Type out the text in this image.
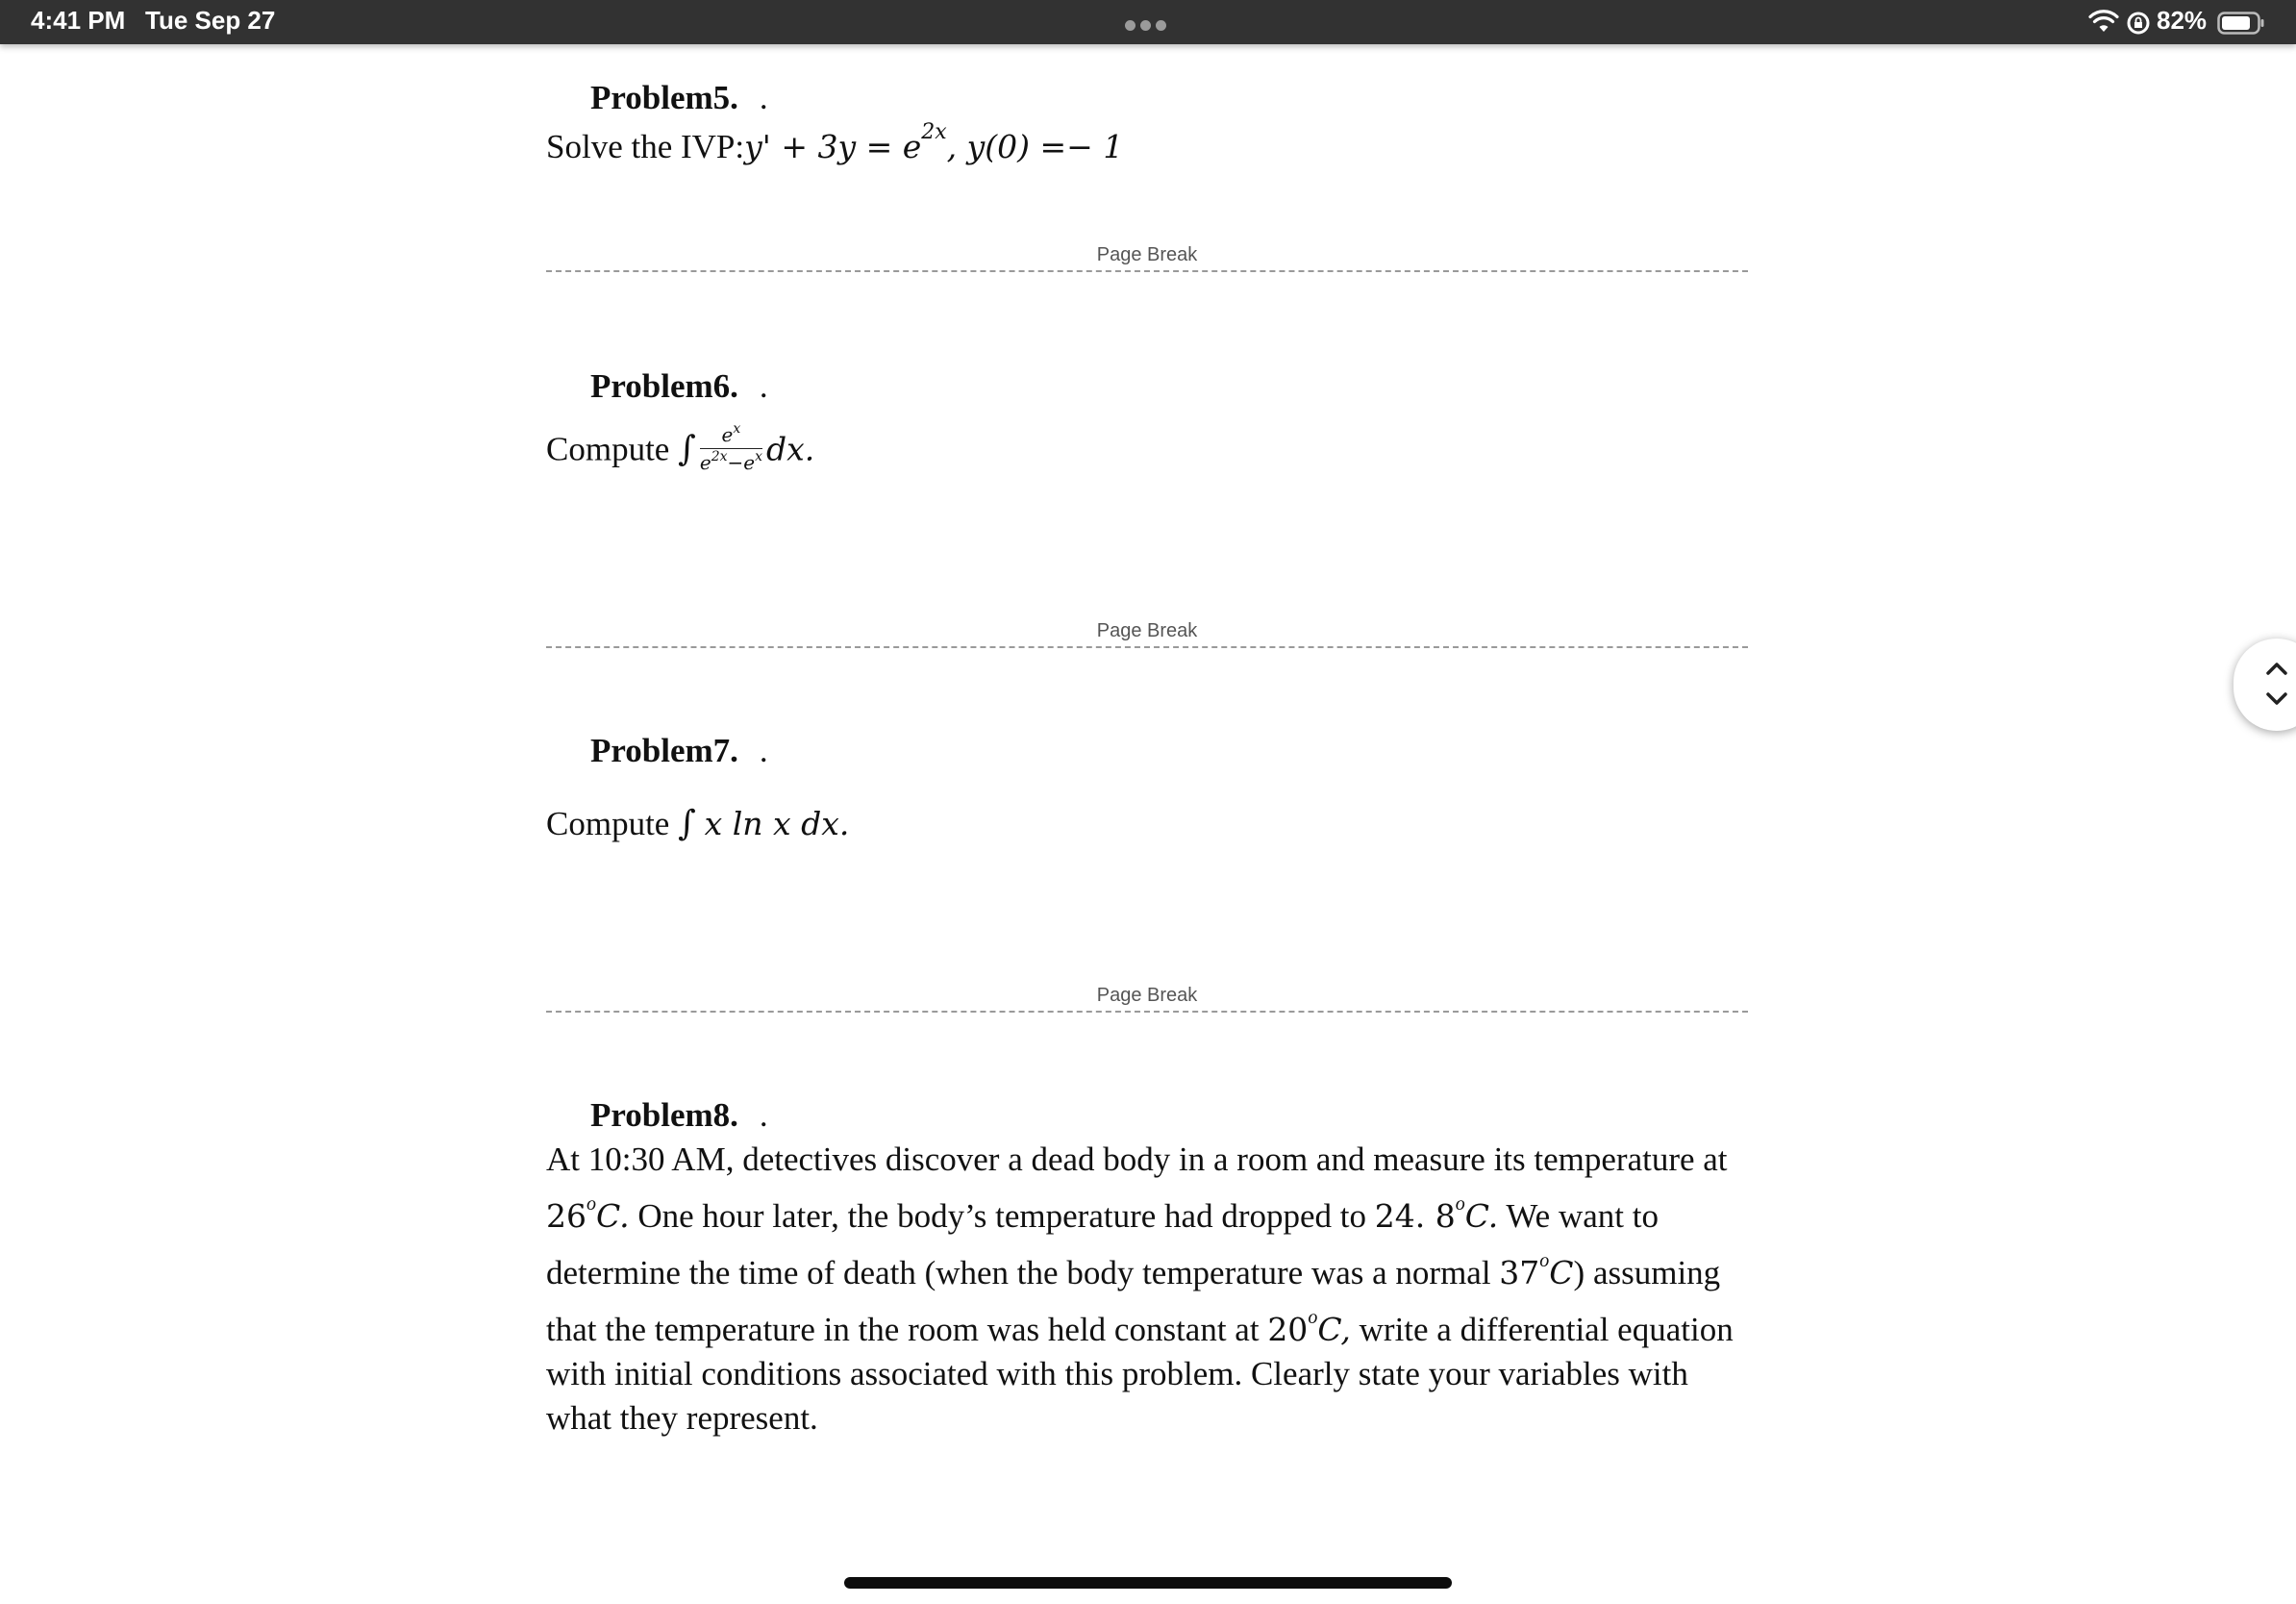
4:41 PM Tue Sep 27	82%
Problem5. .
Solve the IVP:y' + $3y = e^{2x}$, y(0) =− 1
Page Break
Problem6. .
Compute ∫ $\frac{e^x}{e^{2x}-e^x}$ dx.
Page Break
Problem7. .
Compute ∫ x ln x dx.
Page Break
Problem8. .
At 10:30 AM, detectives discover a dead body in a room and measure its temperature at
26$^o$C. One hour later, the body’s temperature had dropped to 24. 8$^o$C. We want to
determine the time of death (when the body temperature was a normal 37$^o$C) assuming
that the temperature in the room was held constant at 20$^o$C, write a differential equation
with initial conditions associated with this problem. Clearly state your variables with
what they represent.
